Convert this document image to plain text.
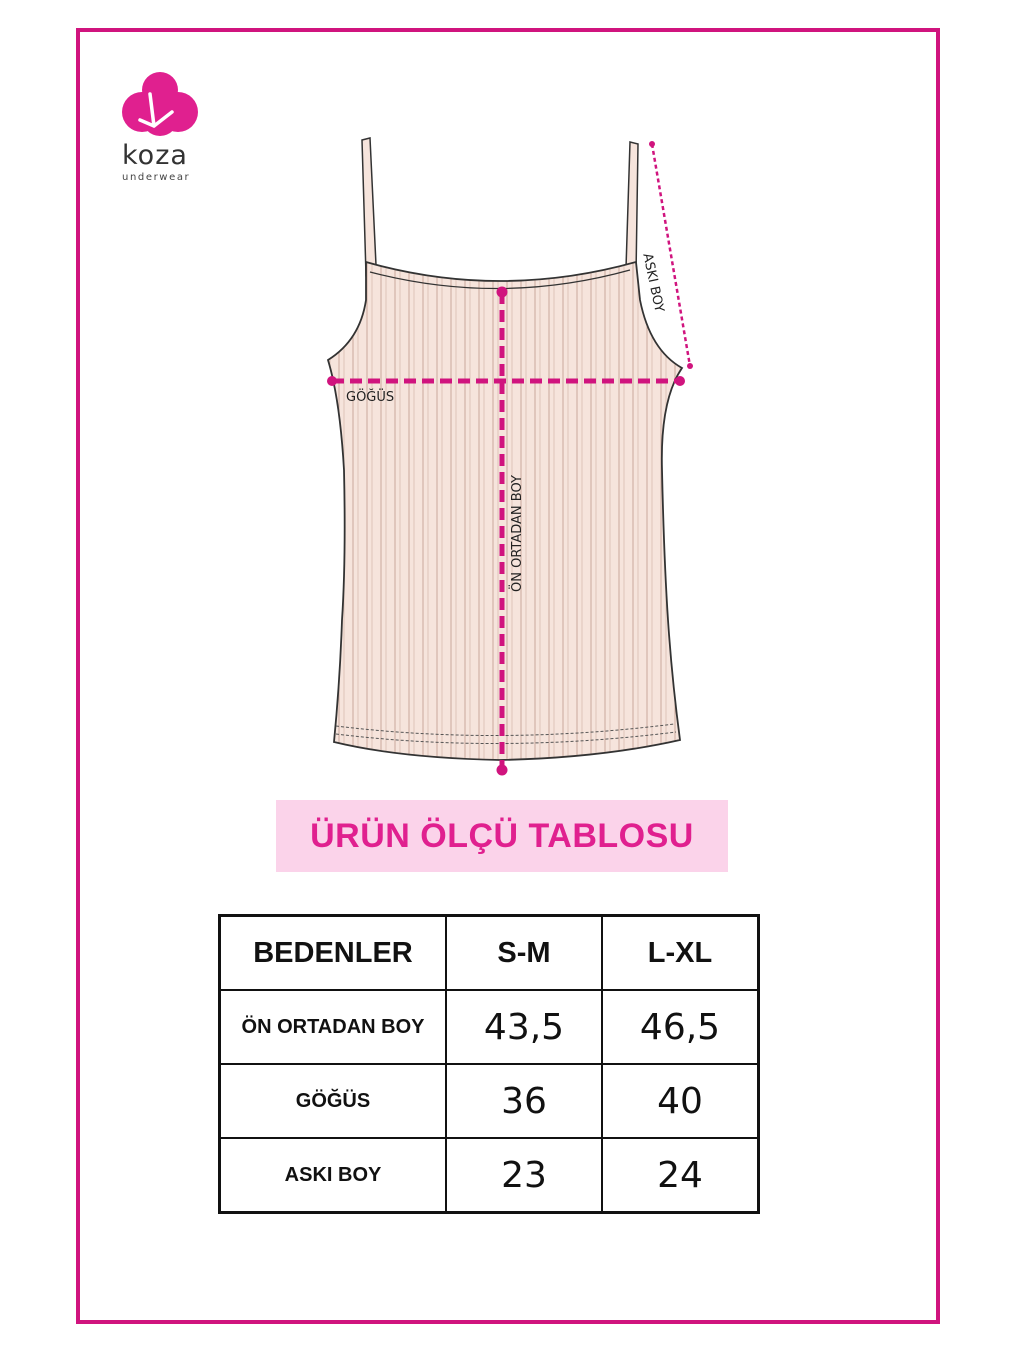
koza
underwear
GÖĞÜS
ASKI BOY
ÖN ORTADAN BOY
ÜRÜN ÖLÇÜ TABLOSU
BEDENLER	S-M	L-XL
ÖN ORTADAN BOY	43,5	46,5
GÖĞÜS	36	40
ASKI BOY	23	24
